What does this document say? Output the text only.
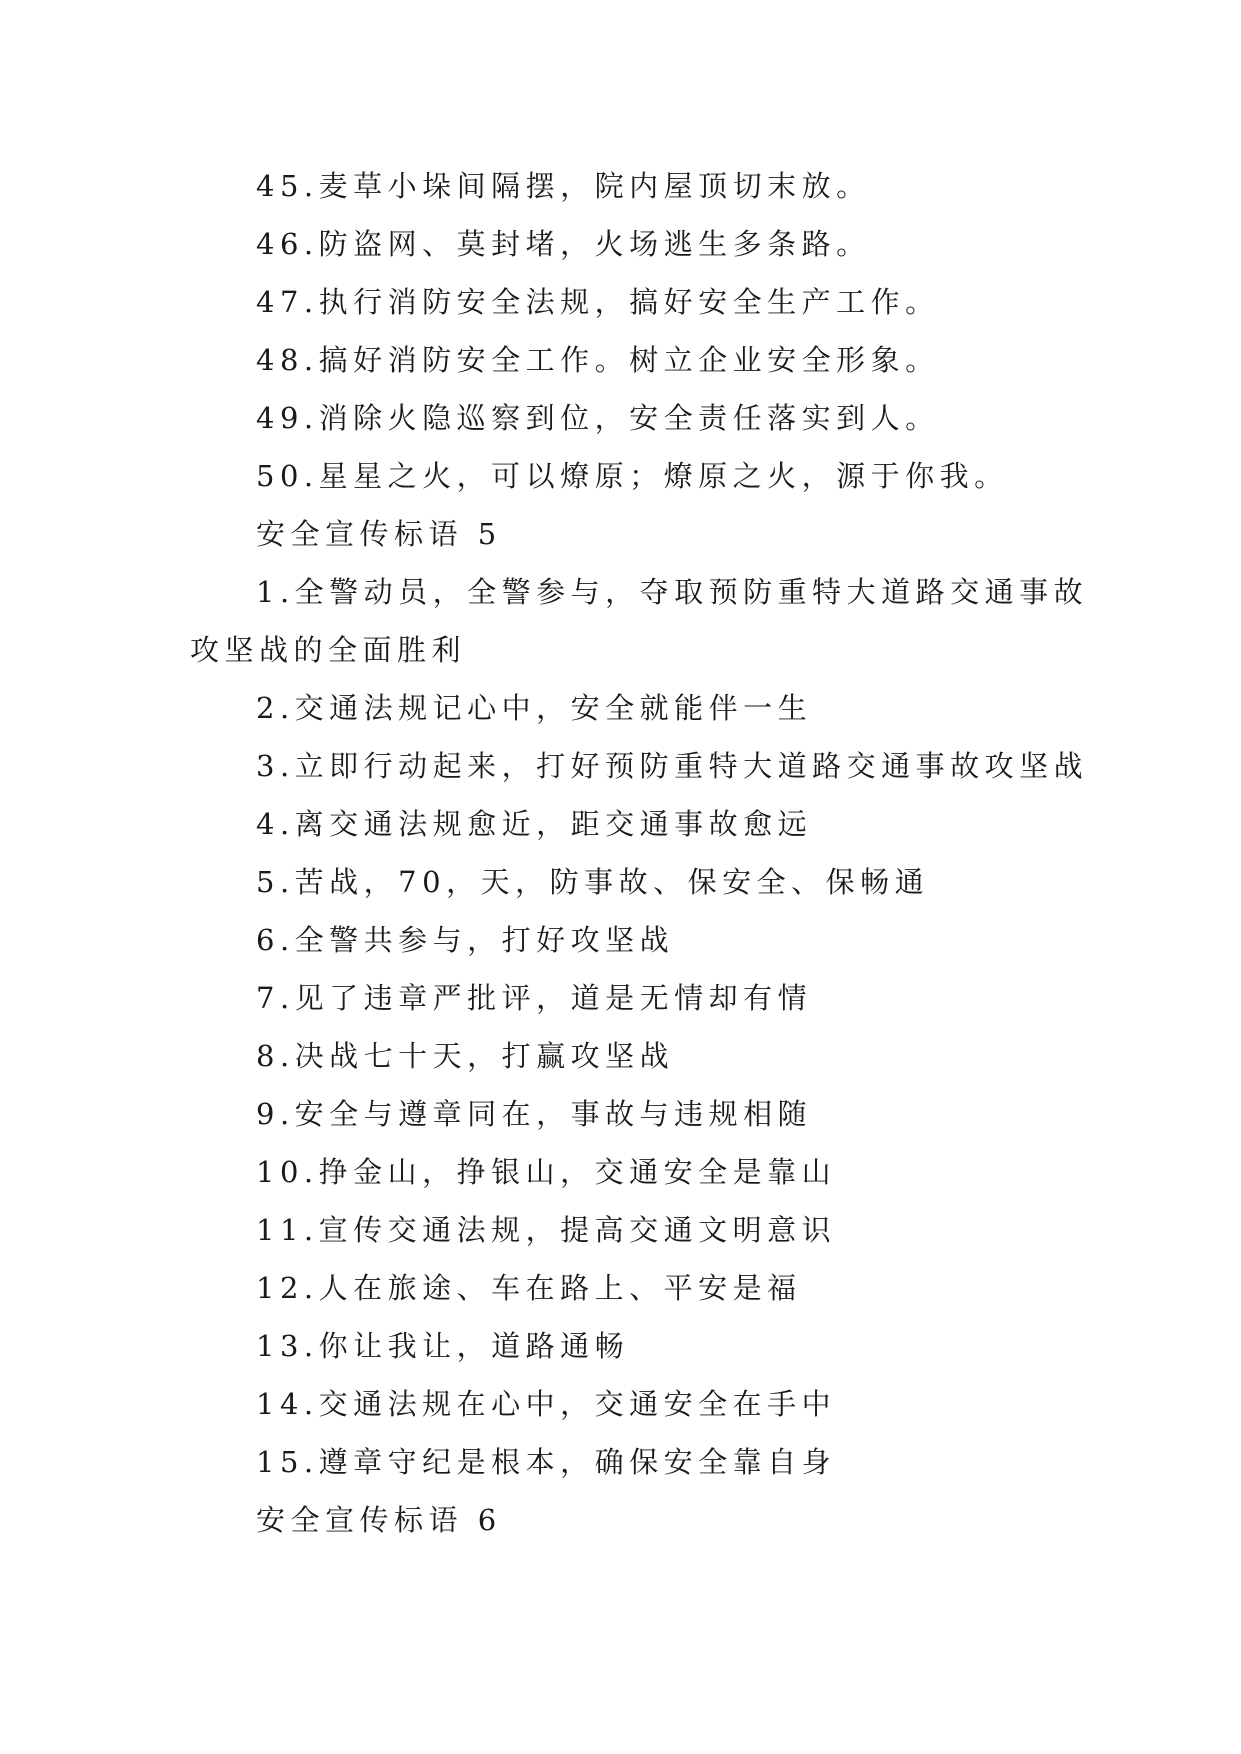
45.麦草小垛间隔摆，院内屋顶切末放。
46.防盗网、莫封堵，火场逃生多条路。
47.执行消防安全法规，搞好安全生产工作。
48.搞好消防安全工作。树立企业安全形象。
49.消除火隐巡察到位，安全责任落实到人。
50.星星之火，可以燎原；燎原之火，源于你我。
安全宣传标语 5
1.全警动员，全警参与，夺取预防重特大道路交通事故
攻坚战的全面胜利
2.交通法规记心中，安全就能伴一生
3.立即行动起来，打好预防重特大道路交通事故攻坚战
4.离交通法规愈近，距交通事故愈远
5.苦战，70，天，防事故、保安全、保畅通
6.全警共参与，打好攻坚战
7.见了违章严批评，道是无情却有情
8.决战七十天，打赢攻坚战
9.安全与遵章同在，事故与违规相随
10.挣金山，挣银山，交通安全是靠山
11.宣传交通法规，提高交通文明意识
12.人在旅途、车在路上、平安是福
13.你让我让，道路通畅
14.交通法规在心中，交通安全在手中
15.遵章守纪是根本，确保安全靠自身
安全宣传标语 6
